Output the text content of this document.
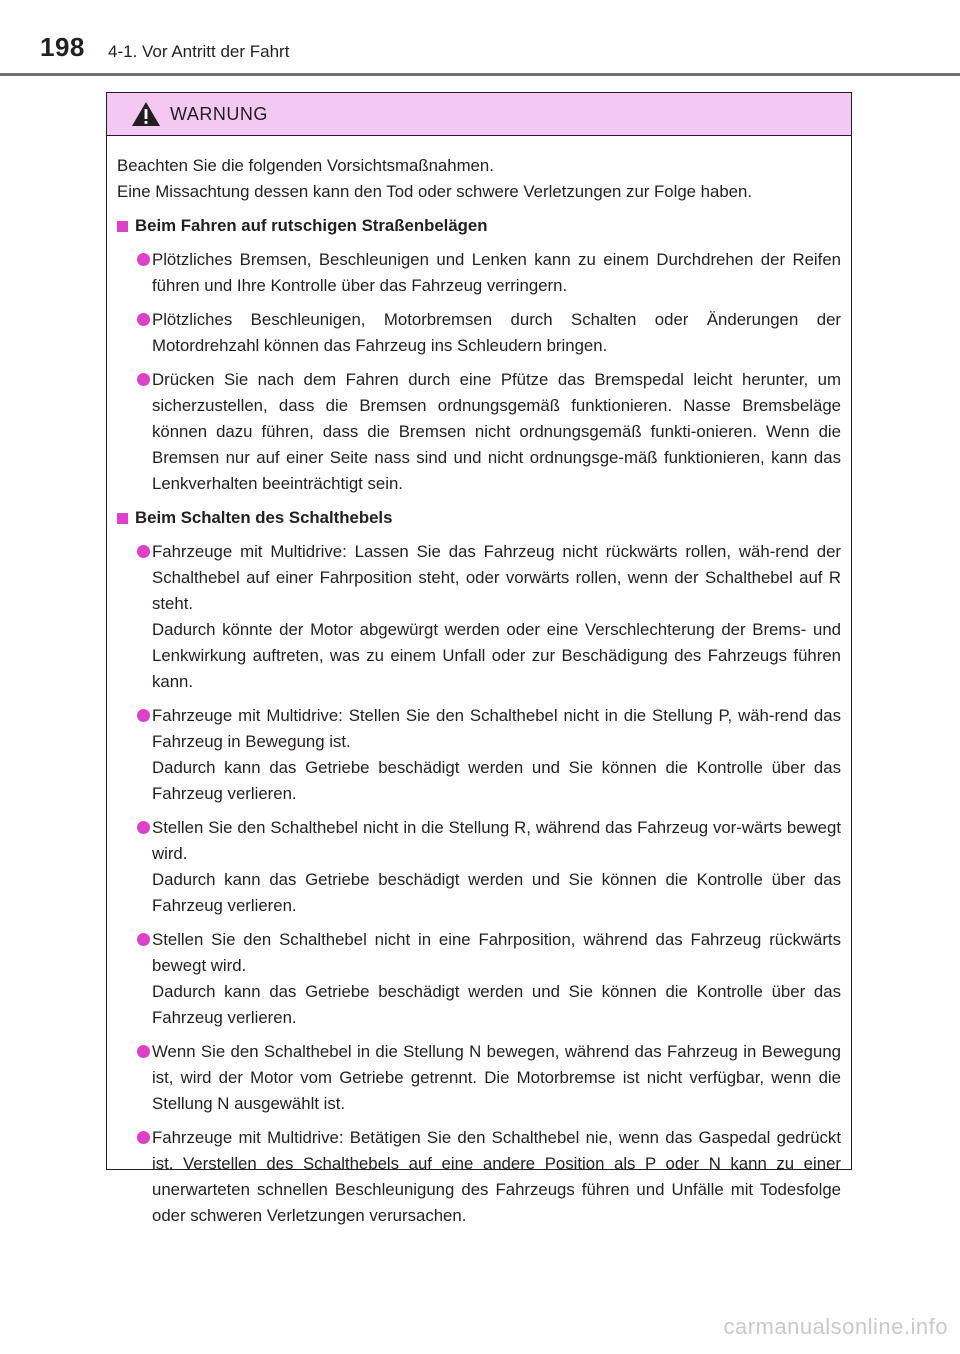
198 4-1. Vor Antritt der Fahrt
WARNUNG
Beachten Sie die folgenden Vorsichtsmaßnahmen.
Eine Missachtung dessen kann den Tod oder schwere Verletzungen zur Folge haben.
Beim Fahren auf rutschigen Straßenbelägen

Plötzliches Bremsen, Beschleunigen und Lenken kann zu einem Durchdrehen der Reifen führen und Ihre Kontrolle über das Fahrzeug verringern.

Plötzliches Beschleunigen, Motorbremsen durch Schalten oder Änderungen der Motordrehzahl können das Fahrzeug ins Schleudern bringen.

Drücken Sie nach dem Fahren durch eine Pfütze das Bremspedal leicht herunter, um sicherzustellen, dass die Bremsen ordnungsgemäß funktionieren. Nasse Bremsbeläge können dazu führen, dass die Bremsen nicht ordnungsgemäß funkti-onieren. Wenn die Bremsen nur auf einer Seite nass sind und nicht ordnungsge-mäß funktionieren, kann das Lenkverhalten beeinträchtigt sein.

Beim Schalten des Schalthebels

Fahrzeuge mit Multidrive: Lassen Sie das Fahrzeug nicht rückwärts rollen, wäh-rend der Schalthebel auf einer Fahrposition steht, oder vorwärts rollen, wenn der Schalthebel auf R steht.

Dadurch könnte der Motor abgewürgt werden oder eine Verschlechterung der Brems- und Lenkwirkung auftreten, was zu einem Unfall oder zur Beschädigung des Fahrzeugs führen kann.

Fahrzeuge mit Multidrive: Stellen Sie den Schalthebel nicht in die Stellung P, wäh-rend das Fahrzeug in Bewegung ist.

Dadurch kann das Getriebe beschädigt werden und Sie können die Kontrolle über das Fahrzeug verlieren.

Stellen Sie den Schalthebel nicht in die Stellung R, während das Fahrzeug vor-wärts bewegt wird.

Dadurch kann das Getriebe beschädigt werden und Sie können die Kontrolle über das Fahrzeug verlieren.

Stellen Sie den Schalthebel nicht in eine Fahrposition, während das Fahrzeug rückwärts bewegt wird.

Dadurch kann das Getriebe beschädigt werden und Sie können die Kontrolle über das Fahrzeug verlieren.

Wenn Sie den Schalthebel in die Stellung N bewegen, während das Fahrzeug in Bewegung ist, wird der Motor vom Getriebe getrennt. Die Motorbremse ist nicht verfügbar, wenn die Stellung N ausgewählt ist.

Fahrzeuge mit Multidrive: Betätigen Sie den Schalthebel nie, wenn das Gaspedal gedrückt ist. Verstellen des Schalthebels auf eine andere Position als P oder N kann zu einer unerwarteten schnellen Beschleunigung des Fahrzeugs führen und Unfälle mit Todesfolge oder schweren Verletzungen verursachen.

carmanualsonline.info
